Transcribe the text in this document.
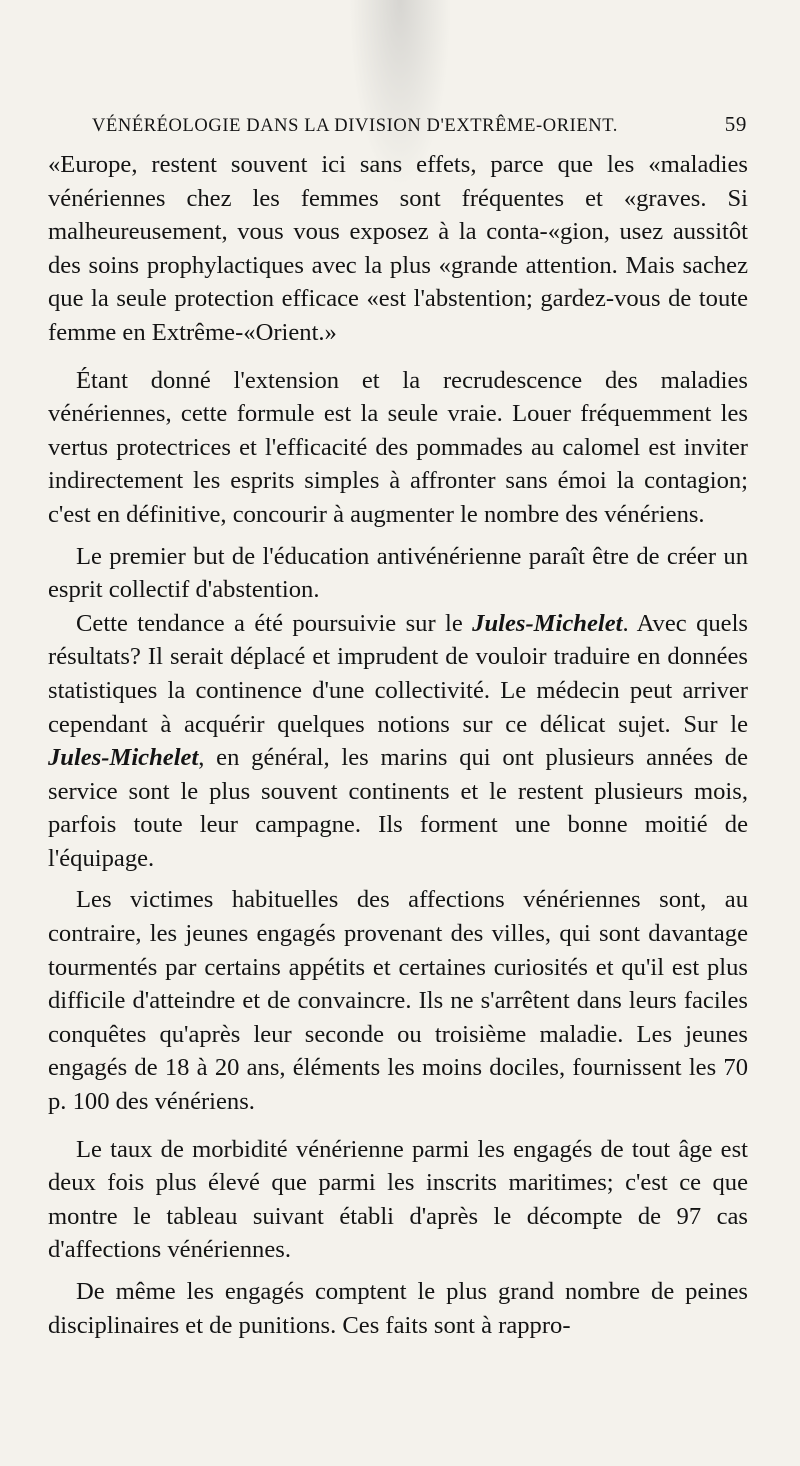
VÉNÉRÉOLOGIE DANS LA DIVISION D'EXTRÊME-ORIENT.	59

«Europe, restent souvent ici sans effets, parce que les «maladies vénériennes chez les femmes sont fréquentes et «graves. Si malheureusement, vous vous exposez à la conta-«gion, usez aussitôt des soins prophylactiques avec la plus «grande attention. Mais sachez que la seule protection efficace «est l'abstention; gardez-vous de toute femme en Extrême-«Orient.»

Étant donné l'extension et la recrudescence des maladies vénériennes, cette formule est la seule vraie. Louer fréquemment les vertus protectrices et l'efficacité des pommades au calomel est inviter indirectement les esprits simples à affronter sans émoi la contagion; c'est en définitive, concourir à augmenter le nombre des vénériens.

Le premier but de l'éducation antivénérienne paraît être de créer un esprit collectif d'abstention.

Cette tendance a été poursuivie sur le Jules-Michelet. Avec quels résultats? Il serait déplacé et imprudent de vouloir traduire en données statistiques la continence d'une collectivité. Le médecin peut arriver cependant à acquérir quelques notions sur ce délicat sujet. Sur le Jules-Michelet, en général, les marins qui ont plusieurs années de service sont le plus souvent continents et le restent plusieurs mois, parfois toute leur campagne. Ils forment une bonne moitié de l'équipage.

Les victimes habituelles des affections vénériennes sont, au contraire, les jeunes engagés provenant des villes, qui sont davantage tourmentés par certains appétits et certaines curiosités et qu'il est plus difficile d'atteindre et de convaincre. Ils ne s'arrêtent dans leurs faciles conquêtes qu'après leur seconde ou troisième maladie. Les jeunes engagés de 18 à 20 ans, éléments les moins dociles, fournissent les 70 p. 100 des vénériens.

Le taux de morbidité vénérienne parmi les engagés de tout âge est deux fois plus élevé que parmi les inscrits maritimes; c'est ce que montre le tableau suivant établi d'après le décompte de 97 cas d'affections vénériennes.

De même les engagés comptent le plus grand nombre de peines disciplinaires et de punitions. Ces faits sont à rappro-
